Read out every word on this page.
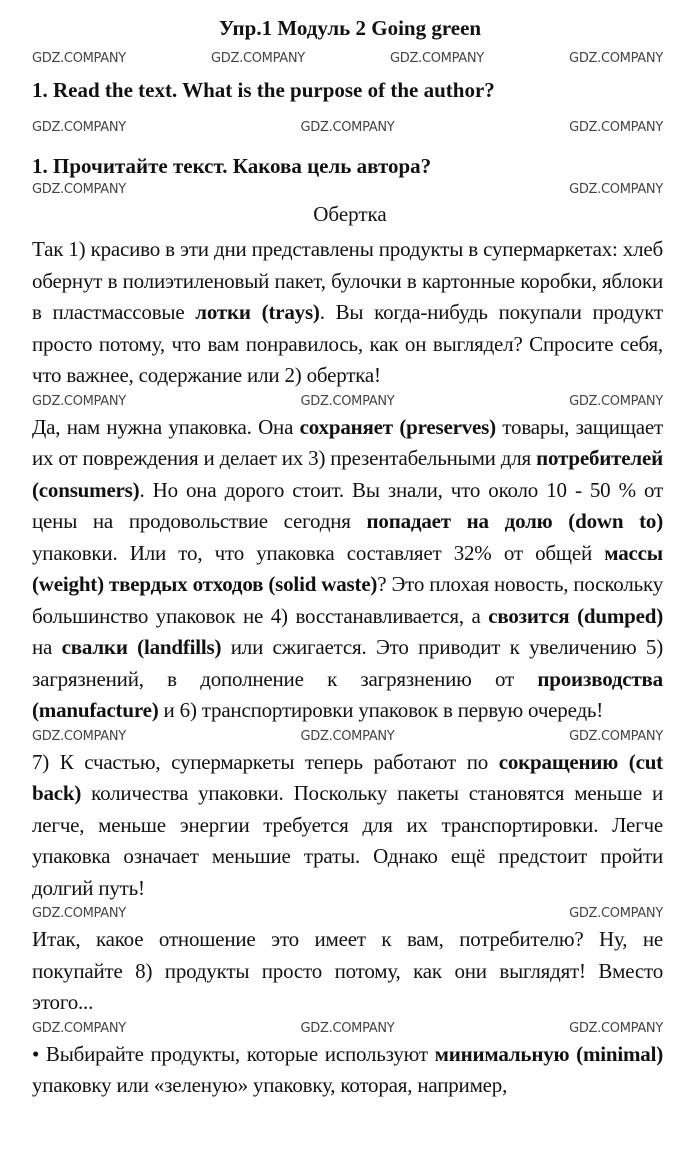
Упр.1 Модуль 2 Going green
GDZ.COMPANY	GDZ.COMPANY	GDZ.COMPANY	GDZ.COMPANY
1. Read the text. What is the purpose of the author?
GDZ.COMPANY	GDZ.COMPANY	GDZ.COMPANY
1. Прочитайте текст. Какова цель автора?
GDZ.COMPANY	GDZ.COMPANY
Обертка
Так 1) красиво в эти дни представлены продукты в супермаркетах: хлеб обернут в полиэтиленовый пакет, булочки в картонные коробки, яблоки в пластмассовые лотки (trays). Вы когда-нибудь покупали продукт просто потому, что вам понравилось, как он выглядел? Спросите себя, что важнее, содержание или 2) обертка!
GDZ.COMPANY	GDZ.COMPANY	GDZ.COMPANY
Да, нам нужна упаковка. Она сохраняет (preserves) товары, защищает их от повреждения и делает их 3) презентабельными для потребителей (consumers). Но она дорого стоит. Вы знали, что около 10 - 50 % от цены на продовольствие сегодня попадает на долю (down to) упаковки. Или то, что упаковка составляет 32% от общей массы (weight) твердых отходов (solid waste)? Это плохая новость, поскольку большинство упаковок не 4) восстанавливается, а свозится (dumped) на свалки (landfills) или сжигается. Это приводит к увеличению 5) загрязнений, в дополнение к загрязнению от производства (manufacture) и 6) транспортировки упаковок в первую очередь!
GDZ.COMPANY	GDZ.COMPANY	GDZ.COMPANY
7) К счастью, супермаркеты теперь работают по сокращению (cut back) количества упаковки. Поскольку пакеты становятся меньше и легче, меньше энергии требуется для их транспортировки. Легче упаковка означает меньшие траты. Однако ещё предстоит пройти долгий путь!
GDZ.COMPANY	GDZ.COMPANY
Итак, какое отношение это имеет к вам, потребителю? Ну, не покупайте 8) продукты просто потому, как они выглядят! Вместо этого...
GDZ.COMPANY	GDZ.COMPANY	GDZ.COMPANY
• Выбирайте продукты, которые используют минимальную (minimal) упаковку или «зеленую» упаковку, которая, например,
